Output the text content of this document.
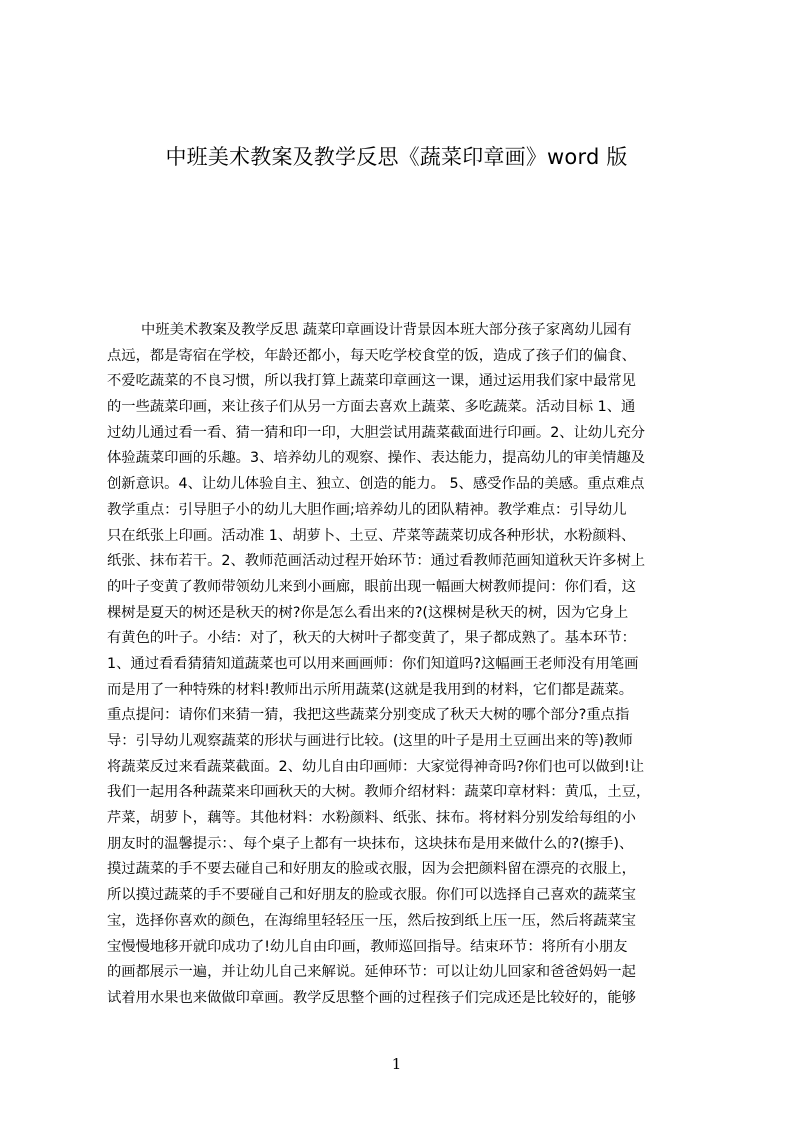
中班美术教案及教学反思《蔬菜印章画》word 版
中班美术教案及教学反思 蔬菜印章画设计背景因本班大部分孩子家离幼儿园有
点远，都是寄宿在学校，年龄还都小，每天吃学校食堂的饭，造成了孩子们的偏食、
不爱吃蔬菜的不良习惯，所以我打算上蔬菜印章画这一课，通过运用我们家中最常见
的一些蔬菜印画，来让孩子们从另一方面去喜欢上蔬菜、多吃蔬菜。活动目标 1、通
过幼儿通过看一看、猜一猜和印一印，大胆尝试用蔬菜截面进行印画。2、让幼儿充分
体验蔬菜印画的乐趣。3、培养幼儿的观察、操作、表达能力，提高幼儿的审美情趣及
创新意识。4、让幼儿体验自主、独立、创造的能力。 5、感受作品的美感。重点难点
教学重点：引导胆子小的幼儿大胆作画;培养幼儿的团队精神。教学难点：引导幼儿
只在纸张上印画。活动准 1、胡萝卜、土豆、芹菜等蔬菜切成各种形状，水粉颜料、
纸张、抹布若干。2、教师范画活动过程开始环节：通过看教师范画知道秋天许多树上
的叶子变黄了教师带领幼儿来到小画廊，眼前出现一幅画大树教师提问：你们看，这
棵树是夏天的树还是秋天的树?你是怎么看出来的?(这棵树是秋天的树，因为它身上
有黄色的叶子。小结：对了，秋天的大树叶子都变黄了，果子都成熟了。基本环节：
1、通过看看猜猜知道蔬菜也可以用来画画师：你们知道吗?这幅画王老师没有用笔画
而是用了一种特殊的材料!教师出示所用蔬菜(这就是我用到的材料，它们都是蔬菜。
重点提问：请你们来猜一猜，我把这些蔬菜分别变成了秋天大树的哪个部分?重点指
导：引导幼儿观察蔬菜的形状与画进行比较。(这里的叶子是用土豆画出来的等)教师
将蔬菜反过来看蔬菜截面。2、幼儿自由印画师：大家觉得神奇吗?你们也可以做到!让
我们一起用各种蔬菜来印画秋天的大树。教师介绍材料：蔬菜印章材料：黄瓜，土豆，
芹菜，胡萝卜，藕等。其他材料：水粉颜料、纸张、抹布。将材料分别发给每组的小
朋友时的温馨提示：、每个桌子上都有一块抹布，这块抹布是用来做什么的?(擦手)、
摸过蔬菜的手不要去碰自己和好朋友的脸或衣服，因为会把颜料留在漂亮的衣服上，
所以摸过蔬菜的手不要碰自己和好朋友的脸或衣服。你们可以选择自己喜欢的蔬菜宝
宝，选择你喜欢的颜色，在海绵里轻轻压一压，然后按到纸上压一压，然后将蔬菜宝
宝慢慢地移开就印成功了!幼儿自由印画，教师巡回指导。结束环节：将所有小朋友
的画都展示一遍，并让幼儿自己来解说。延伸环节：可以让幼儿回家和爸爸妈妈一起
试着用水果也来做做印章画。教学反思整个画的过程孩子们完成还是比较好的，能够
1
